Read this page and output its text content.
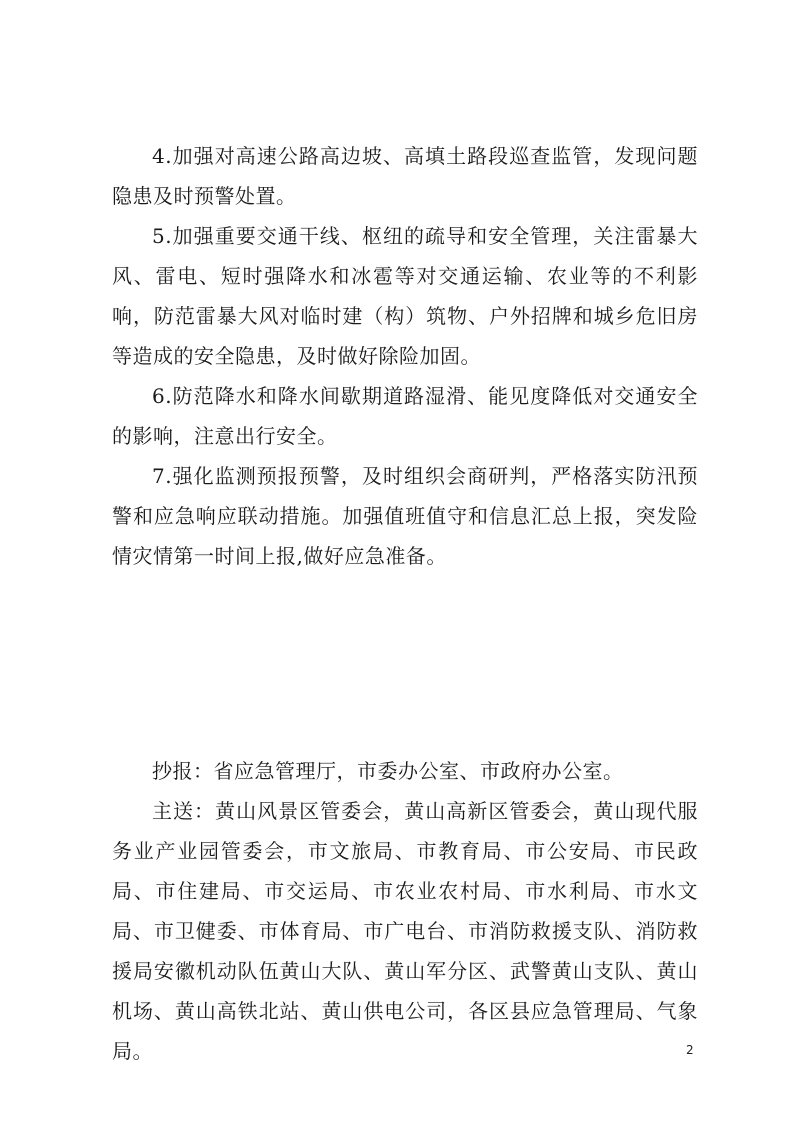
4.加强对高速公路高边坡、高填土路段巡查监管，发现问题隐患及时预警处置。

5.加强重要交通干线、枢纽的疏导和安全管理，关注雷暴大风、雷电、短时强降水和冰雹等对交通运输、农业等的不利影响，防范雷暴大风对临时建（构）筑物、户外招牌和城乡危旧房等造成的安全隐患，及时做好除险加固。

6.防范降水和降水间歇期道路湿滑、能见度降低对交通安全的影响，注意出行安全。

7.强化监测预报预警，及时组织会商研判，严格落实防汛预警和应急响应联动措施。加强值班值守和信息汇总上报，突发险情灾情第一时间上报,做好应急准备。

抄报：省应急管理厅，市委办公室、市政府办公室。

主送：黄山风景区管委会，黄山高新区管委会，黄山现代服务业产业园管委会，市文旅局、市教育局、市公安局、市民政局、市住建局、市交运局、市农业农村局、市水利局、市水文局、市卫健委、市体育局、市广电台、市消防救援支队、消防救援局安徽机动队伍黄山大队、黄山军分区、武警黄山支队、黄山机场、黄山高铁北站、黄山供电公司，各区县应急管理局、气象局。	2
